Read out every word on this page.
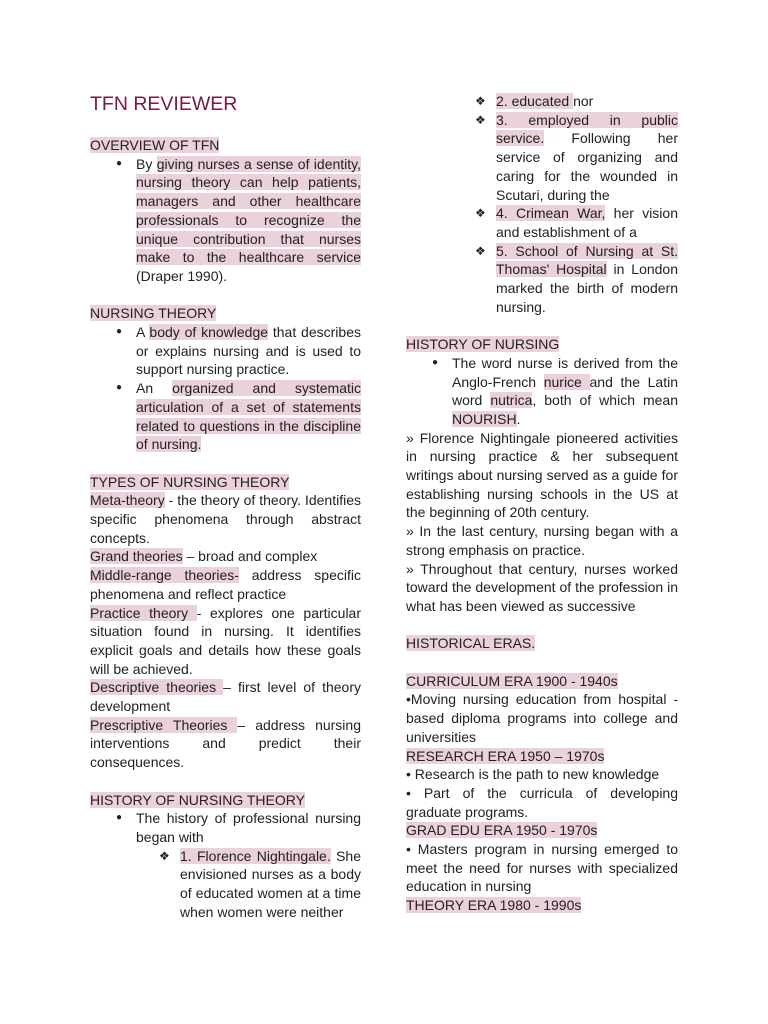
TFN REVIEWER
OVERVIEW OF TFN
● By giving nurses a sense of identity, nursing theory can help patients, managers and other healthcare professionals to recognize the unique contribution that nurses make to the healthcare service (Draper 1990).
NURSING THEORY
● A body of knowledge that describes or explains nursing and is used to support nursing practice.
● An organized and systematic articulation of a set of statements related to questions in the discipline of nursing.
TYPES OF NURSING THEORY

Meta-theory - the theory of theory. Identifies specific phenomena through abstract concepts.

Grand theories – broad and complex

Middle-range theories- address specific phenomena and reflect practice

Practice theory - explores one particular situation found in nursing. It identifies explicit goals and details how these goals will be achieved.

Descriptive theories – first level of theory development

Prescriptive Theories – address nursing interventions and predict their consequences.

HISTORY OF NURSING THEORY
● The history of professional nursing began with
❖ 1. Florence Nightingale. She envisioned nurses as a body of educated women at a time when women were neither
❖ 2. educated nor
❖ 3. employed in public service. Following her service of organizing and caring for the wounded in Scutari, during the
❖ 4. Crimean War, her vision and establishment of a
❖ 5. School of Nursing at St. Thomas' Hospital in London marked the birth of modern nursing.
HISTORY OF NURSING
● The word nurse is derived from the Anglo-French nurice and the Latin word nutrica, both of which mean NOURISH.

» Florence Nightingale pioneered activities in nursing practice & her subsequent writings about nursing served as a guide for establishing nursing schools in the US at the beginning of 20th century.

» In the last century, nursing began with a strong emphasis on practice.

» Throughout that century, nurses worked toward the development of the profession in what has been viewed as successive

HISTORICAL ERAS.
CURRICULUM ERA 1900 - 1940s

•Moving nursing education from hospital -based diploma programs into college and universities

RESEARCH ERA 1950 – 1970s

• Research is the path to new knowledge

• Part of the curricula of developing graduate programs.

GRAD EDU ERA 1950 - 1970s

• Masters program in nursing emerged to meet the need for nurses with specialized education in nursing

THEORY ERA 1980 - 1990s
